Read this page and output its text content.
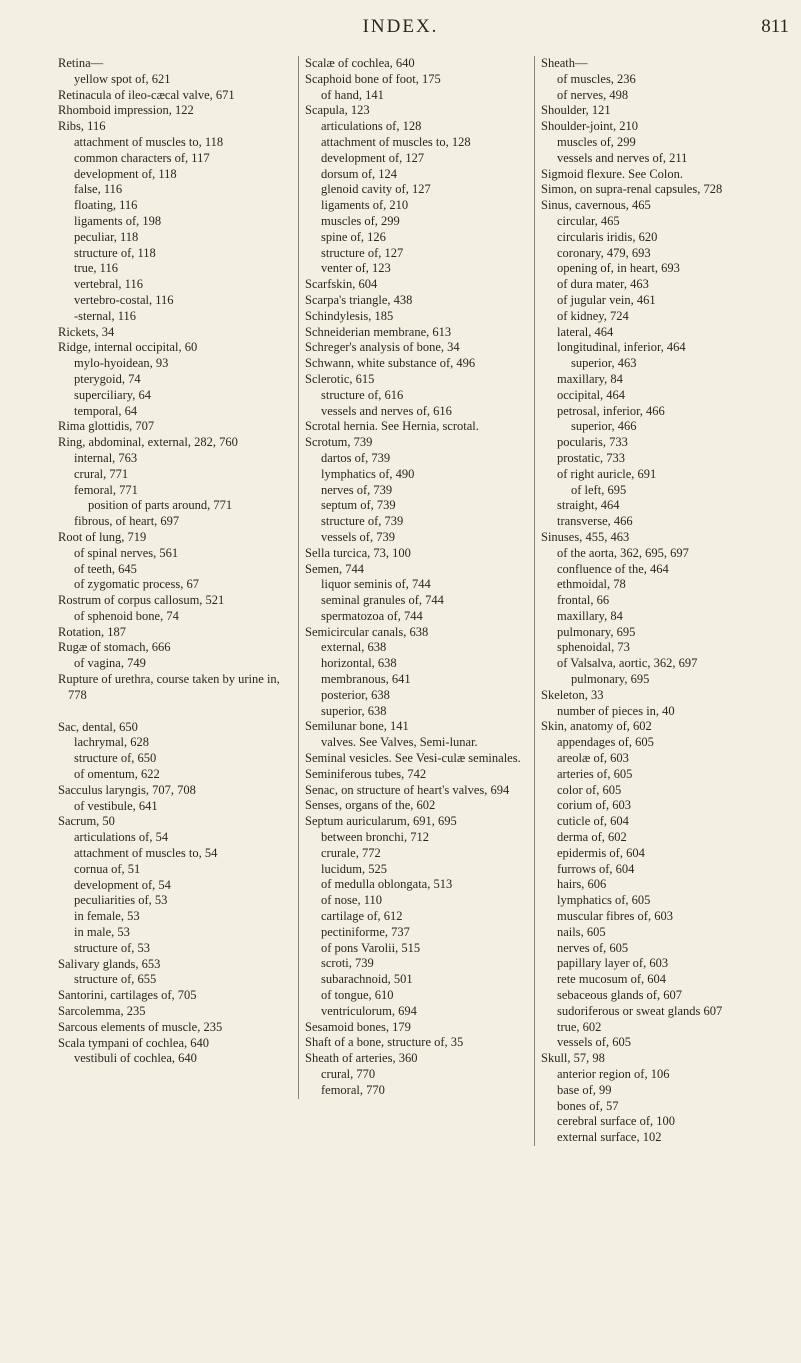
INDEX.	811
Retina—
yellow spot of, 621
Retinacula of ileo-cæcal valve, 671
Rhomboid impression, 122
Ribs, 116
attachment of muscles to, 118
common characters of, 117
development of, 118
false, 116
floating, 116
ligaments of, 198
peculiar, 118
structure of, 118
true, 116
vertebral, 116
vertebro-costal, 116
-sternal, 116
Rickets, 34
Ridge, internal occipital, 60
mylo-hyoidean, 93
pterygoid, 74
superciliary, 64
temporal, 64
Rima glottidis, 707
Ring, abdominal, external, 282, 760
internal, 763
crural, 771
femoral, 771
position of parts around, 771
fibrous, of heart, 697
Root of lung, 719
of spinal nerves, 561
of teeth, 645
of zygomatic process, 67
Rostrum of corpus callosum, 521
of sphenoid bone, 74
Rotation, 187
Rugæ of stomach, 666
of vagina, 749
Rupture of urethra, course taken by urine in, 778
Sac, dental, 650
lachrymal, 628
structure of, 650
of omentum, 622
Sacculus laryngis, 707, 708
of vestibule, 641
Sacrum, 50
articulations of, 54
attachment of muscles to, 54
cornua of, 51
development of, 54
peculiarities of, 53
in female, 53
in male, 53
structure of, 53
Salivary glands, 653
structure of, 655
Santorini, cartilages of, 705
Sarcolemma, 235
Sarcous elements of muscle, 235
Scala tympani of cochlea, 640
vestibuli of cochlea, 640
Scalæ of cochlea, 640
Scaphoid bone of foot, 175
of hand, 141
Scapula, 123
articulations of, 128
attachment of muscles to, 128
development of, 127
dorsum of, 124
glenoid cavity of, 127
ligaments of, 210
muscles of, 299
spine of, 126
structure of, 127
venter of, 123
Scarfskin, 604
Scarpa's triangle, 438
Schindylesis, 185
Schneiderian membrane, 613
Schreger's analysis of bone, 34
Schwann, white substance of, 496
Sclerotic, 615
structure of, 616
vessels and nerves of, 616
Scrotal hernia. See Hernia, scrotal.
Scrotum, 739
dartos of, 739
lymphatics of, 490
nerves of, 739
septum of, 739
structure of, 739
vessels of, 739
Sella turcica, 73, 100
Semen, 744
liquor seminis of, 744
seminal granules of, 744
spermatozoa of, 744
Semicircular canals, 638
external, 638
horizontal, 638
membranous, 641
posterior, 638
superior, 638
Semilunar bone, 141
valves. See Valves, Semi-lunar.
Seminal vesicles. See Vesi-culæ seminales.
Seminiferous tubes, 742
Senac, on structure of heart's valves, 694
Senses, organs of the, 602
Septum auricularum, 691, 695
between bronchi, 712
crurale, 772
lucidum, 525
of medulla oblongata, 513
of nose, 110
cartilage of, 612
pectiniforme, 737
of pons Varolii, 515
scroti, 739
subarachnoid, 501
of tongue, 610
ventriculorum, 694
Sesamoid bones, 179
Shaft of a bone, structure of, 35
Sheath of arteries, 360
crural, 770
femoral, 770
Sheath—
of muscles, 236
of nerves, 498
Shoulder, 121
Shoulder-joint, 210
muscles of, 299
vessels and nerves of, 211
Sigmoid flexure. See Colon.
Simon, on supra-renal capsules, 728
Sinus, cavernous, 465
circular, 465
circularis iridis, 620
coronary, 479, 693
opening of, in heart, 693
of dura mater, 463
of jugular vein, 461
of kidney, 724
lateral, 464
longitudinal, inferior, 464
superior, 463
maxillary, 84
occipital, 464
petrosal, inferior, 466
superior, 466
pocularis, 733
prostatic, 733
of right auricle, 691
of left, 695
straight, 464
transverse, 466
Sinuses, 455, 463
of the aorta, 362, 695, 697
confluence of the, 464
ethmoidal, 78
frontal, 66
maxillary, 84
pulmonary, 695
sphenoidal, 73
of Valsalva, aortic, 362, 697
pulmonary, 695
Skeleton, 33
number of pieces in, 40
Skin, anatomy of, 602
appendages of, 605
areolæ of, 603
arteries of, 605
color of, 605
corium of, 603
cuticle of, 604
derma of, 602
epidermis of, 604
furrows of, 604
hairs, 606
lymphatics of, 605
muscular fibres of, 603
nails, 605
nerves of, 605
papillary layer of, 603
rete mucosum of, 604
sebaceous glands of, 607
sudoriferous or sweat glands 607
true, 602
vessels of, 605
Skull, 57, 98
anterior region of, 106
base of, 99
bones of, 57
cerebral surface of, 100
external surface, 102
